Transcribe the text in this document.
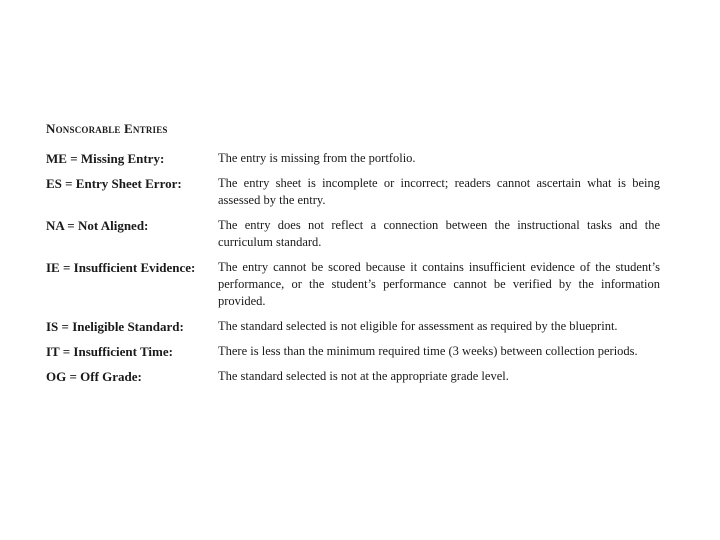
Nonscorable Entries
ME = Missing Entry:	The entry is missing from the portfolio.
ES = Entry Sheet Error:	The entry sheet is incomplete or incorrect; readers cannot ascertain what is being assessed by the entry.
NA = Not Aligned:	The entry does not reflect a connection between the instructional tasks and the curriculum standard.
IE = Insufficient Evidence:	The entry cannot be scored because it contains insufficient evidence of the student’s performance, or the student’s performance cannot be verified by the information provided.
IS = Ineligible Standard:	The standard selected is not eligible for assessment as required by the blueprint.
IT = Insufficient Time:	There is less than the minimum required time (3 weeks) between collection periods.
OG = Off Grade:	The standard selected is not at the appropriate grade level.
